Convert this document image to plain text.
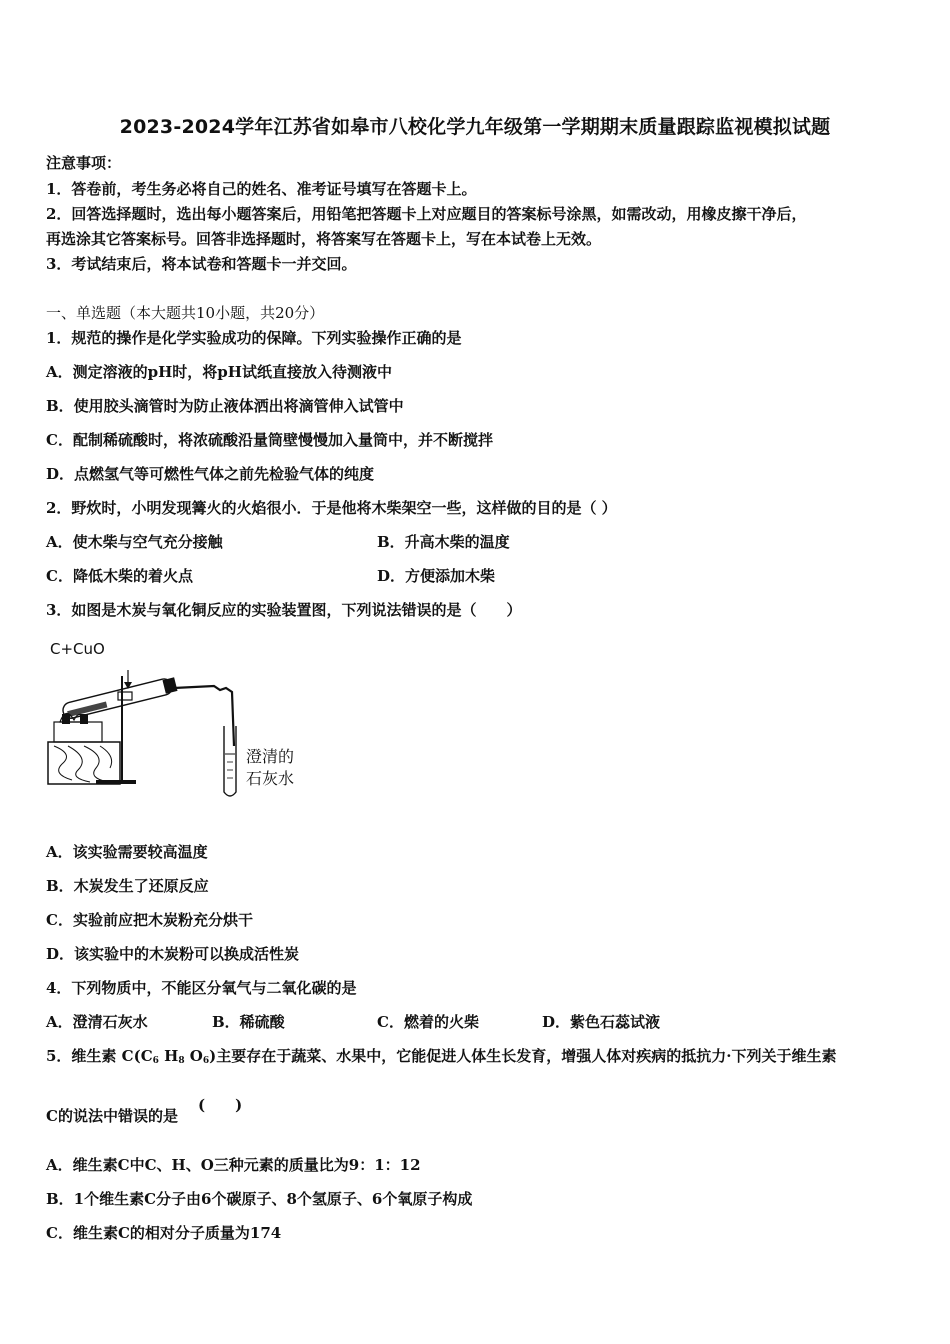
2023-2024学年江苏省如皋市八校化学九年级第一学期期末质量跟踪监视模拟试题
注意事项：
1．答卷前，考生务必将自己的姓名、准考证号填写在答题卡上。
2．回答选择题时，选出每小题答案后，用铅笔把答题卡上对应题目的答案标号涂黑，如需改动，用橡皮擦干净后，
再选涂其它答案标号。回答非选择题时，将答案写在答题卡上，写在本试卷上无效。
3．考试结束后，将本试卷和答题卡一并交回。
一、单选题（本大题共10小题，共20分）
1．规范的操作是化学实验成功的保障。下列实验操作正确的是
A．测定溶液的pH时，将pH试纸直接放入待测液中
B．使用胶头滴管时为防止液体洒出将滴管伸入试管中
C．配制稀硫酸时，将浓硫酸沿量筒壁慢慢加入量筒中，并不断搅拌
D．点燃氢气等可燃性气体之前先检验气体的纯度
2．野炊时，小明发现篝火的火焰很小．于是他将木柴架空一些，这样做的目的是（ ）
A．使木柴与空气充分接触	B．升高木柴的温度
C．降低木柴的着火点	D．方便添加木柴
3．如图是木炭与氧化铜反应的实验装置图，下列说法错误的是（　　）
C+CuO
澄清的
石灰水
A．该实验需要较高温度
B．木炭发生了还原反应
C．实验前应把木炭粉充分烘干
D．该实验中的木炭粉可以换成活性炭
4．下列物质中，不能区分氧气与二氧化碳的是
A．澄清石灰水	B．稀硫酸	C．燃着的火柴	D．紫色石蕊试液
5．维生素 $C(C_6$ $H_8$ $O_6$)主要存在于蔬菜、水果中，它能促进人体生长发育，增强人体对疾病的抵抗力·下列关于维生素
C的说法中错误的是
(　　)
A．维生素C中C、H、O三种元素的质量比为9：1：12
B．1个维生素C分子由6个碳原子、8个氢原子、6个氧原子构成
C．维生素C的相对分子质量为174
